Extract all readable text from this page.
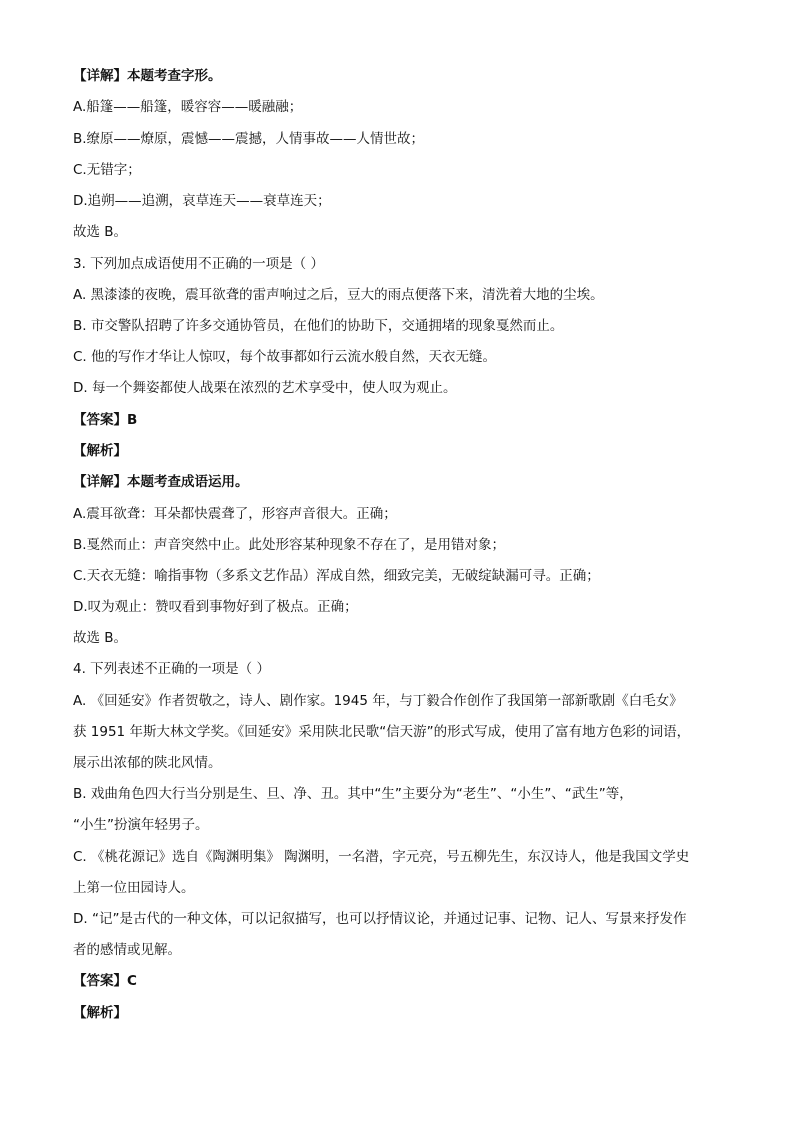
【详解】本题考查字形。
A.船篷——船篷，暖容容——暖融融；
B.缭原——燎原，震憾——震撼，人情事故——人情世故；
C.无错字；
D.追朔——追溯，哀草连天——衰草连天；
故选 B。
3. 下列加点成语使用不正确的一项是（ ）
A. 黑漆漆的夜晚，震耳欲聋的雷声响过之后，豆大的雨点便落下来，清洗着大地的尘埃。
B. 市交警队招聘了许多交通协管员，在他们的协助下，交通拥堵的现象戛然而止。
C. 他的写作才华让人惊叹，每个故事都如行云流水般自然，天衣无缝。
D. 每一个舞姿都使人战栗在浓烈的艺术享受中，使人叹为观止。
【答案】B
【解析】
【详解】本题考查成语运用。
A.震耳欲聋：耳朵都快震聋了，形容声音很大。正确；
B.戛然而止：声音突然中止。此处形容某种现象不存在了，是用错对象；
C.天衣无缝：喻指事物（多系文艺作品）浑成自然，细致完美，无破绽缺漏可寻。正确；
D.叹为观止：赞叹看到事物好到了极点。正确；
故选 B。
4. 下列表述不正确的一项是（ ）
A. 《回延安》作者贺敬之，诗人、剧作家。1945 年，与丁毅合作创作了我国第一部新歌剧《白毛女》
获 1951 年斯大林文学奖。《回延安》采用陕北民歌“信天游”的形式写成，使用了富有地方色彩的词语，
展示出浓郁的陕北风情。
B. 戏曲角色四大行当分别是生、旦、净、丑。其中“生”主要分为“老生”、“小生”、“武生”等，
“小生”扮演年轻男子。
C. 《桃花源记》选自《陶渊明集》 陶渊明，一名潜，字元亮，号五柳先生，东汉诗人，他是我国文学史
上第一位田园诗人。
D. “记”是古代的一种文体，可以记叙描写，也可以抒情议论，并通过记事、记物、记人、写景来抒发作
者的感情或见解。
【答案】C
【解析】
